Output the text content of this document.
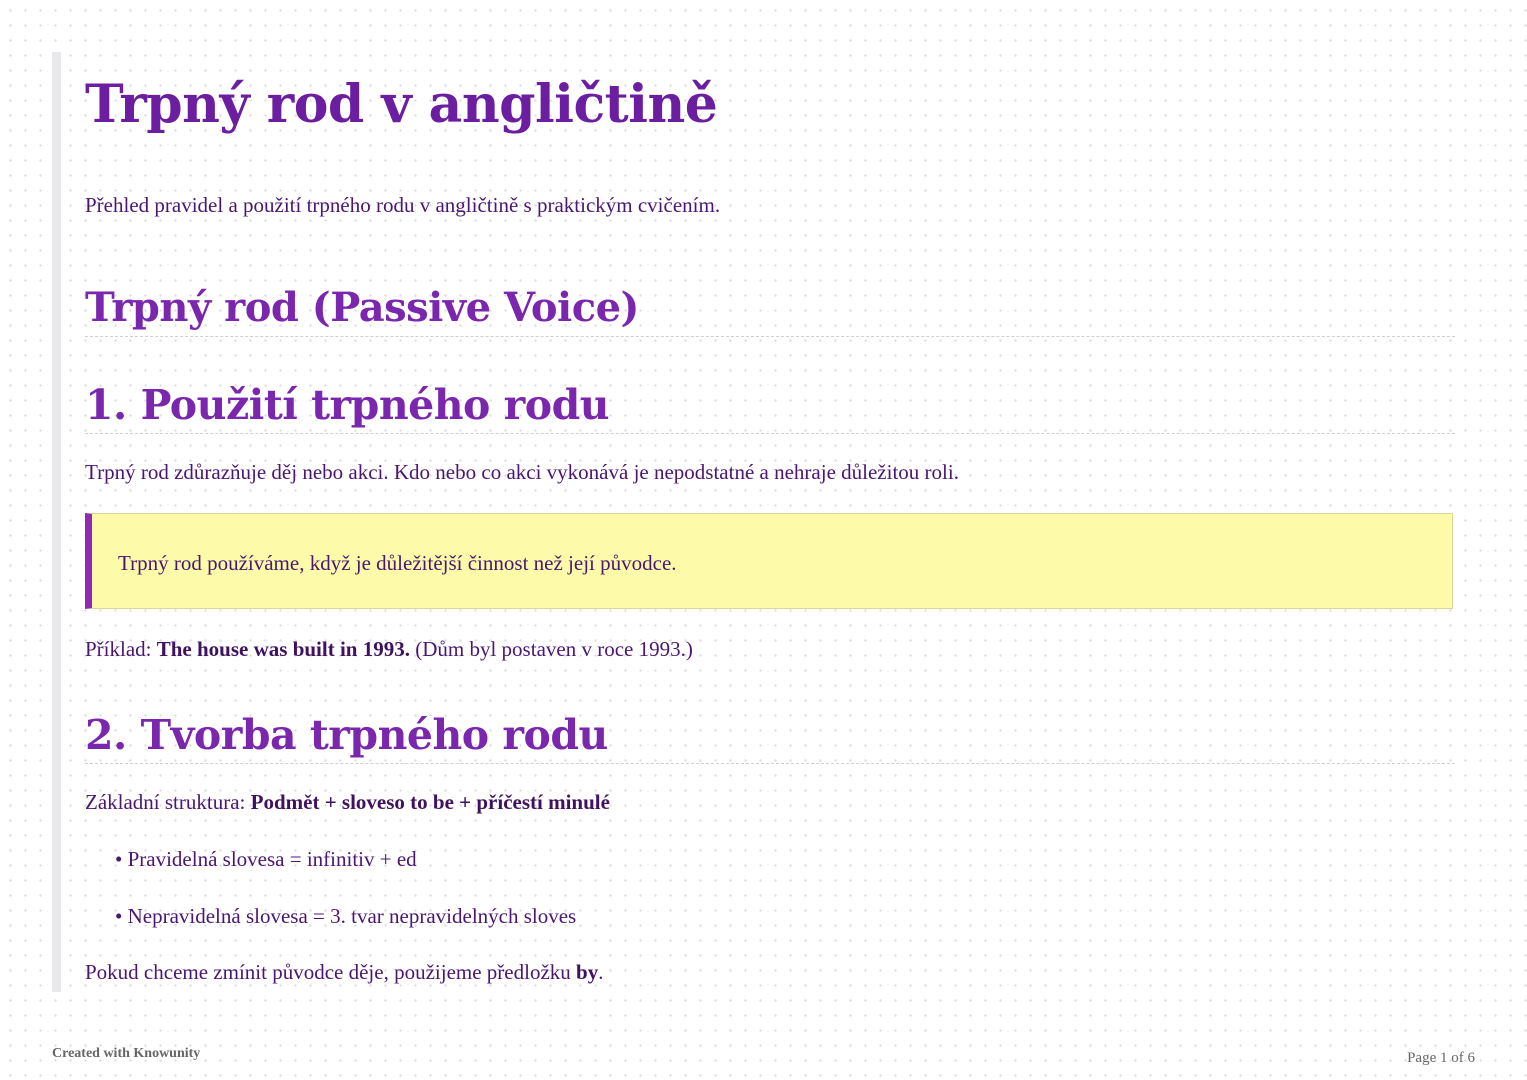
Trpný rod v angličtině

Přehled pravidel a použití trpného rodu v angličtině s praktickým cvičením.

Trpný rod (Passive Voice)
1. Použití trpného rodu

Trpný rod zdůrazňuje děj nebo akci. Kdo nebo co akci vykonává je nepodstatné a nehraje důležitou roli.

Trpný rod používáme, když je důležitější činnost než její původce.

Příklad: The house was built in 1993. (Dům byl postaven v roce 1993.)

2. Tvorba trpného rodu

Základní struktura: Podmět + sloveso to be + příčestí minulé

• Pravidelná slovesa = infinitiv + ed

• Nepravidelná slovesa = 3. tvar nepravidelných sloves

Pokud chceme zmínit původce děje, použijeme předložku by.

Created with Knowunity	Page 1 of 6
